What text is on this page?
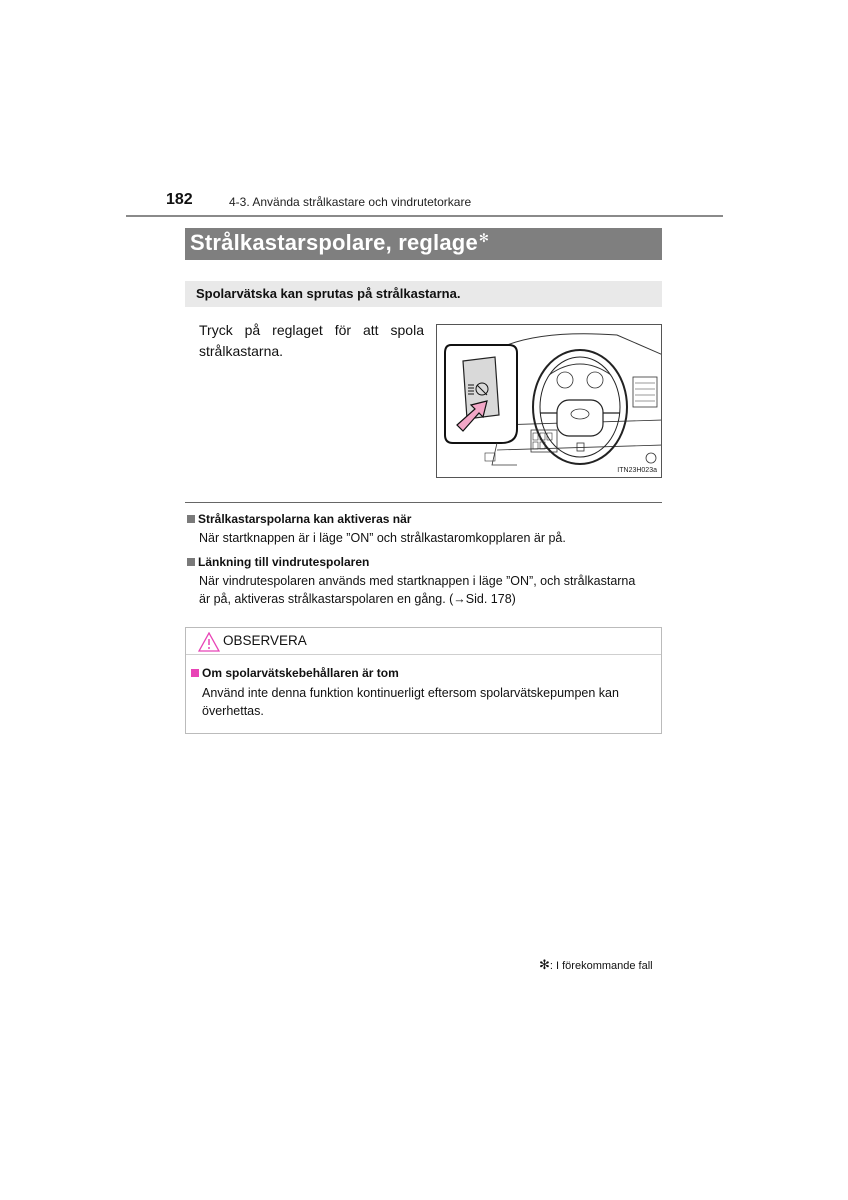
182	4-3. Använda strålkastare och vindrutetorkare
Strålkastarspolare, reglage✻
Spolarvätska kan sprutas på strålkastarna.
Tryck på reglaget för att spola strålkastarna.
ITN23H023a
Strålkastarspolarna kan aktiveras när
När startknappen är i läge ”ON” och strålkastaromkopplaren är på.
Länkning till vindrutespolaren
När vindrutespolaren används med startknappen i läge ”ON”, och strålkastarna
är på, aktiveras strålkastarspolaren en gång. (→Sid. 178)
OBSERVERA
Om spolarvätskebehållaren är tom
Använd inte denna funktion kontinuerligt eftersom spolarvätskepumpen kan
överhettas.
✻: I förekommande fall
